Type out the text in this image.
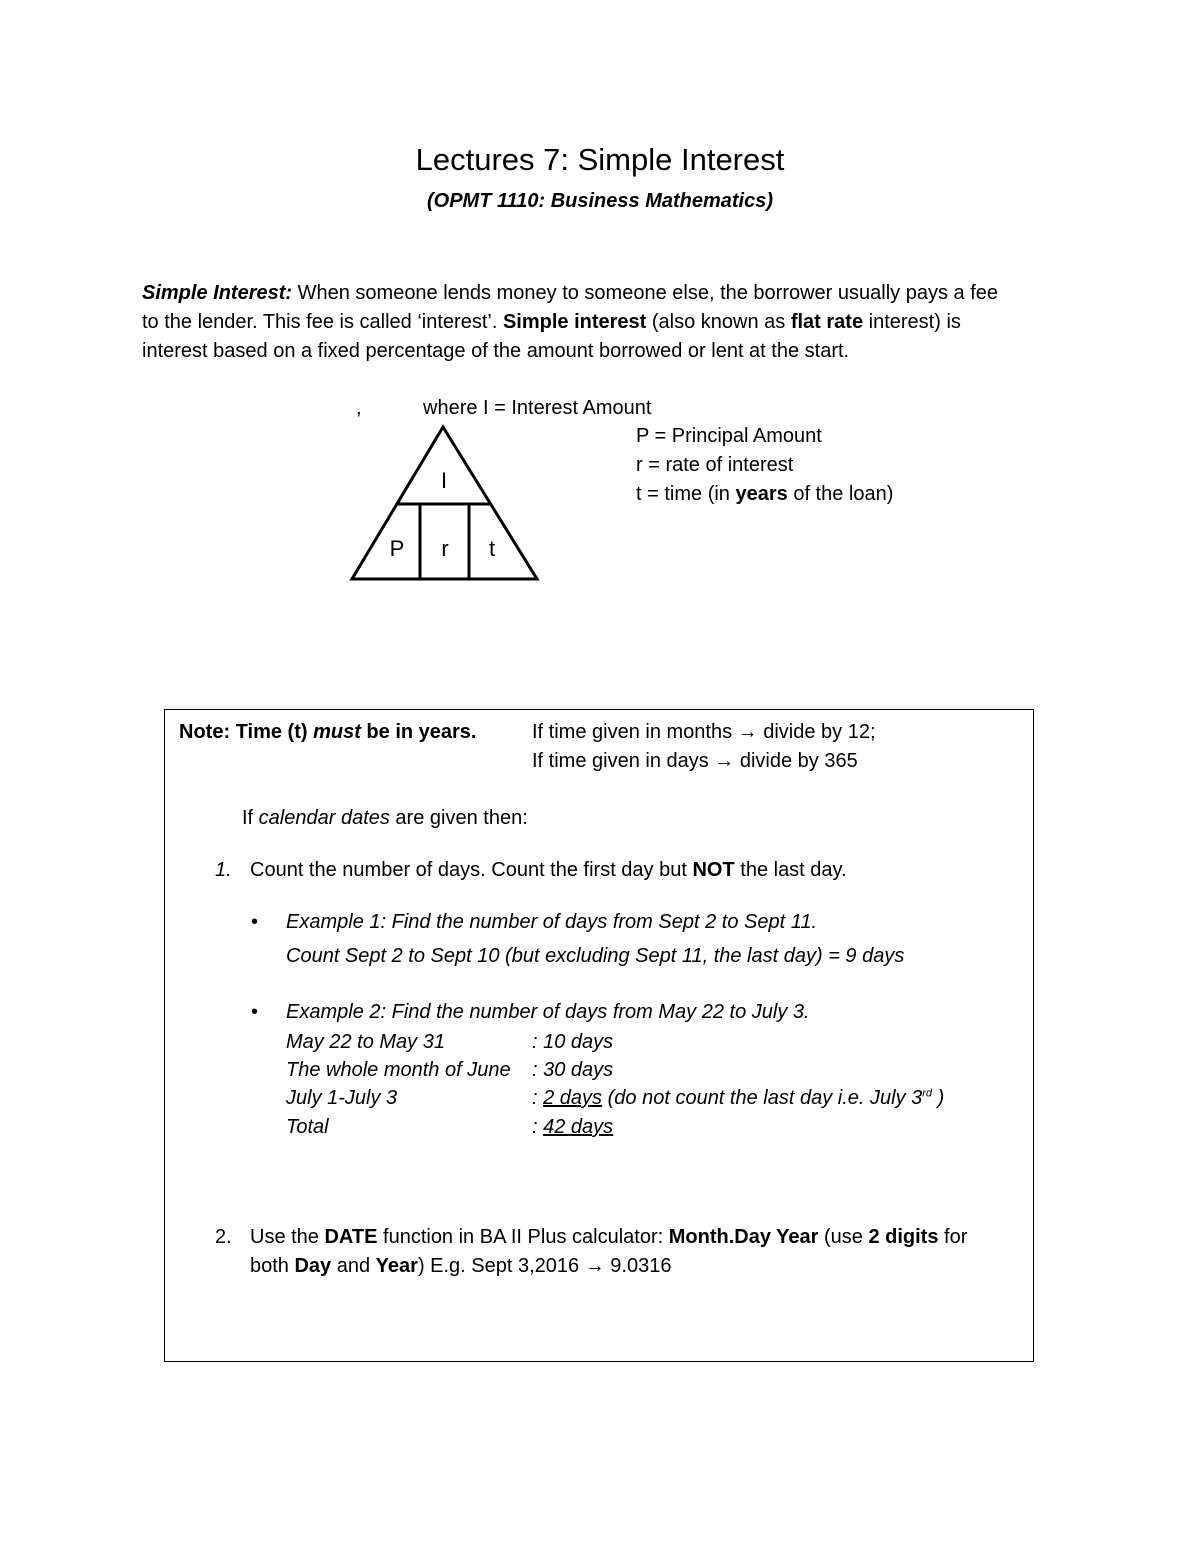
Lectures 7: Simple Interest
(OPMT 1110: Business Mathematics)
Simple Interest: When someone lends money to someone else, the borrower usually pays a fee
to the lender. This fee is called ‘interest’. Simple interest (also known as flat rate interest) is
interest based on a fixed percentage of the amount borrowed or lent at the start.
,	where I = Interest Amount
P = Principal Amount
r = rate of interest
t = time (in years of the loan)
I
P r t
Note: Time (t) must be in years.	If time given in months → divide by 12;
If time given in days → divide by 365
If calendar dates are given then:
1. Count the number of days. Count the first day but NOT the last day.
• Example 1: Find the number of days from Sept 2 to Sept 11.
Count Sept 2 to Sept 10 (but excluding Sept 11, the last day) = 9 days
• Example 2: Find the number of days from May 22 to July 3.
May 22 to May 31	: 10 days
The whole month of June : 30 days
July 1-July 3	: 2 days (do not count the last day i.e. July 3rd )
Total	: 42 days
2. Use the DATE function in BA II Plus calculator: Month.Day Year (use 2 digits for
both Day and Year) E.g. Sept 3,2016 → 9.0316
